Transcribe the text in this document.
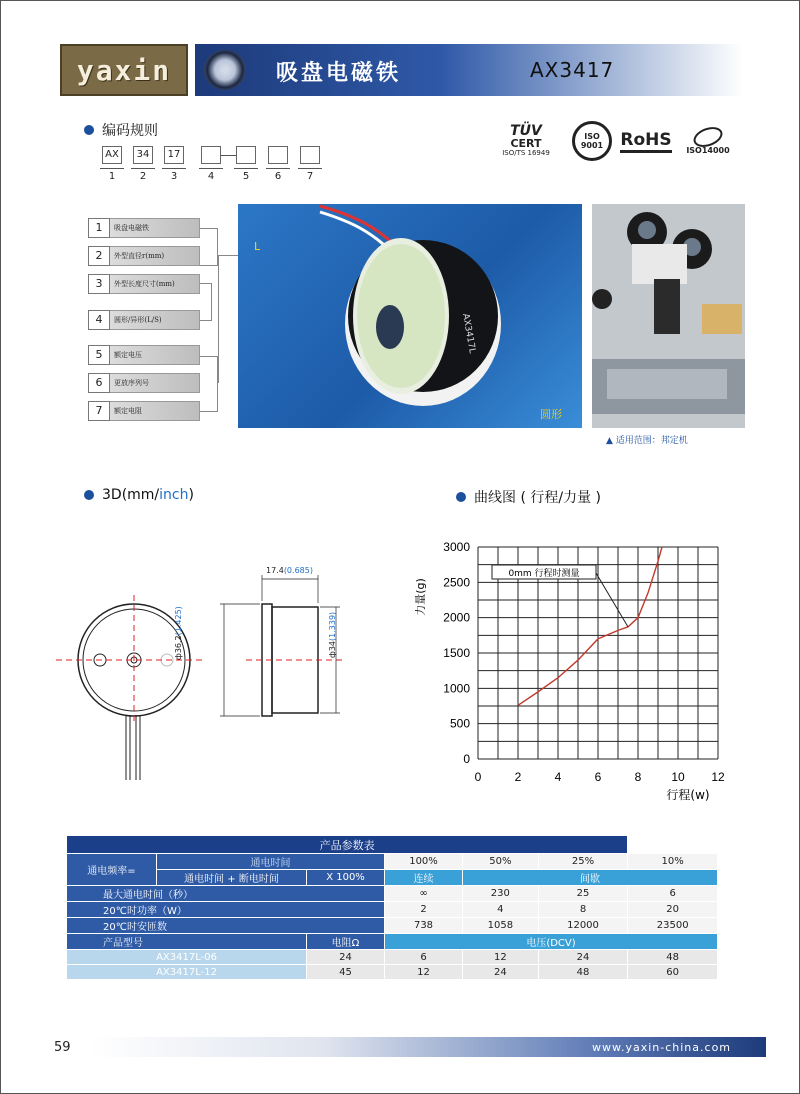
yaxin	吸盘电磁铁	AX3417
编码规则
AX	34	17
1	2	3	4	5	6	7
TÜV
CERT
ISO/TS 16949
ISO 9001	RoHS
ISO14000
1	吸盘电磁铁
2	外型直径r(mm)
3	外型长度尺寸(mm)
4	圆形/异形(L/S)
5	额定电压
6	更放序列号
7	额定电阻
AX3417L
L
圆形
▲ 适用范围：邦定机
3D(mm/ inch )	曲线图 ( 行程/力量 )
17.4(0.685)
ф36.2(1.425)
ф34(1.339)
0	2	4	6	8 10 12
0
500
1000
1500
2000
2500
3000
行程(w)
力量(g)
0mm 行程时测量
产品参数表						
通电频率=	通电时间		100%	50%	25%	10%
	通电时间 + 断电时间	X 100%	连续	间歇		
最大通电时间（秒）			∞	230	25	6
20℃时功率（W）			2	4	8	20
20℃时安匝数			738	1058	12000	23500
产品型号		电阻Ω	电压(DCV)			
AX3417L-06		24	6	12	24	48
AX3417L-12		45	12	24	48	60
59	www.yaxin-china.com
